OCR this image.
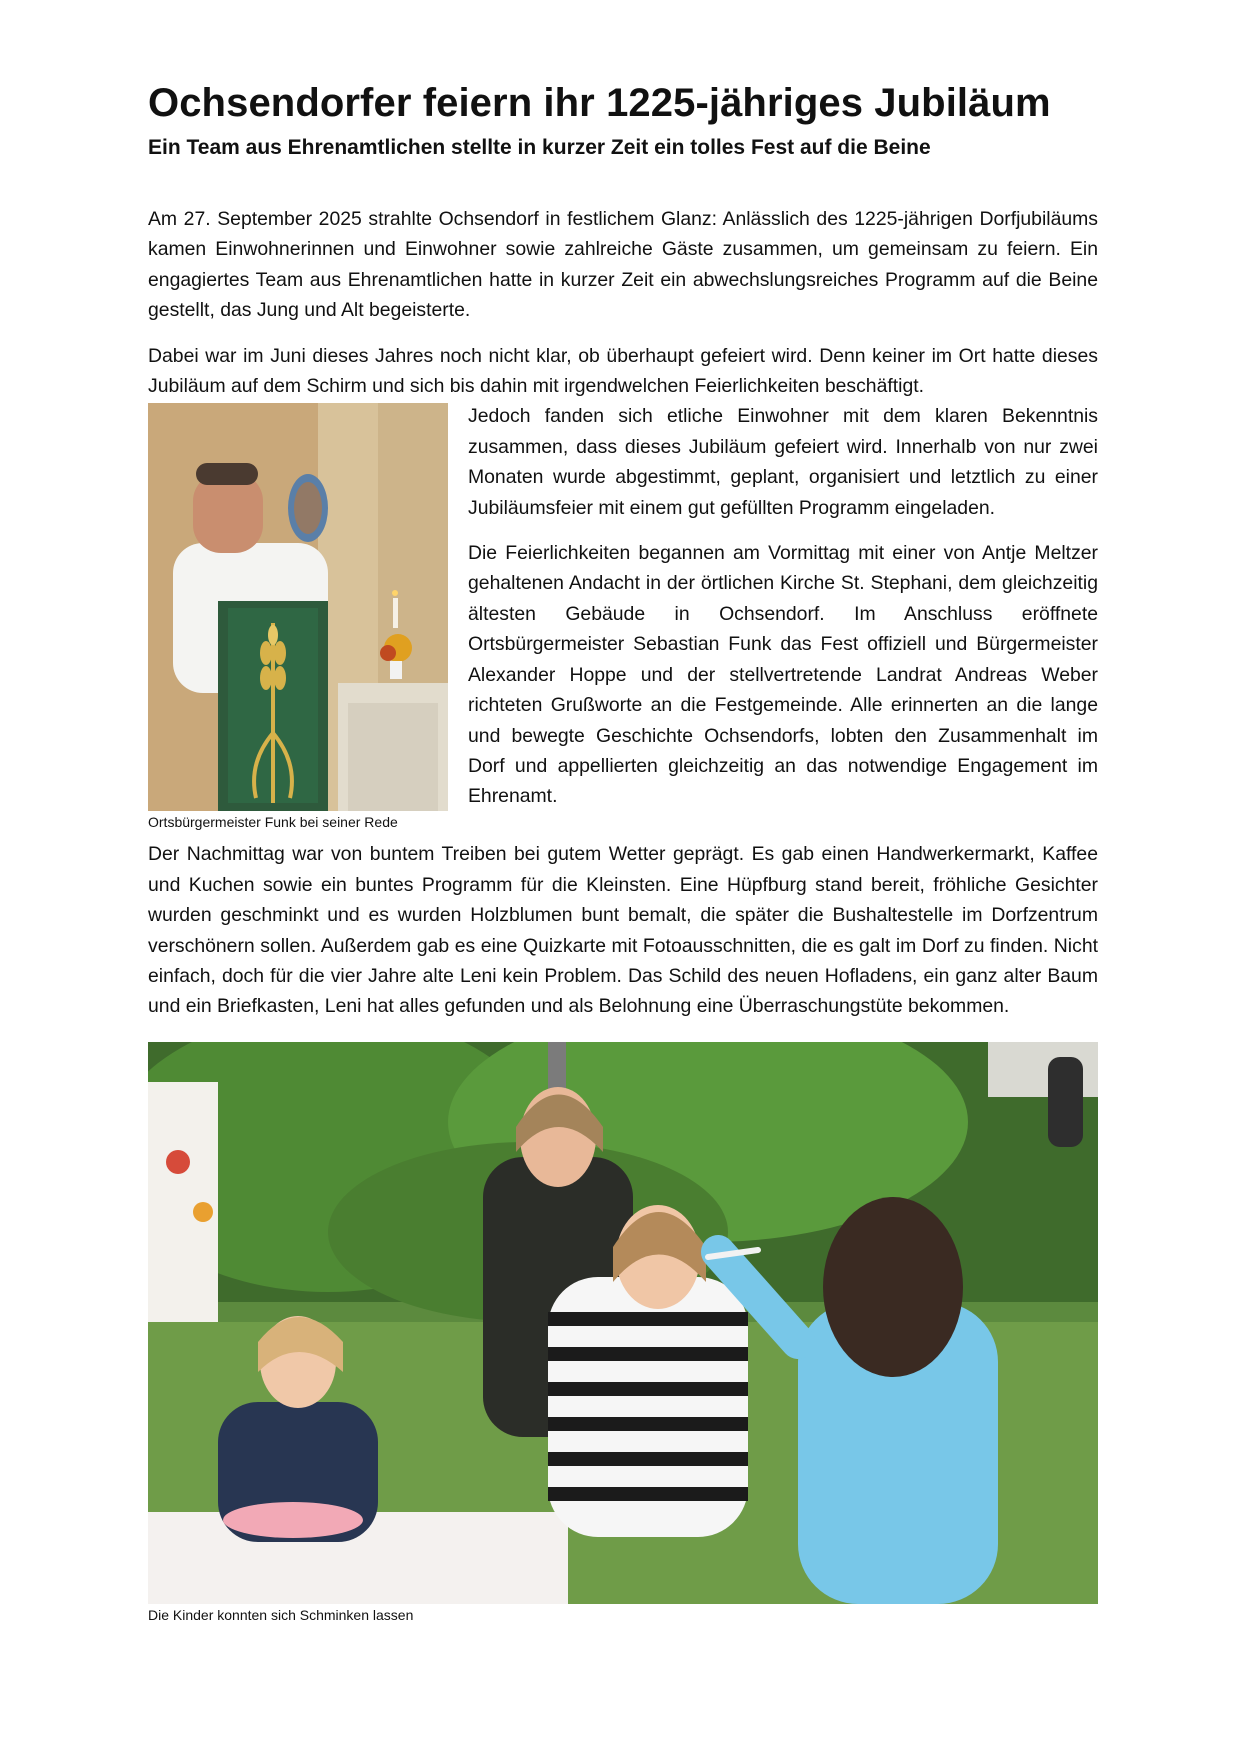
Ochsendorfer feiern ihr 1225-jähriges Jubiläum
Ein Team aus Ehrenamtlichen stellte in kurzer Zeit ein tolles Fest auf die Beine

Am 27. September 2025 strahlte Ochsendorf in festlichem Glanz: Anlässlich des 1225-jährigen Dorfjubiläums kamen Einwohnerinnen und Einwohner sowie zahlreiche Gäste zusammen, um gemeinsam zu feiern. Ein engagiertes Team aus Ehrenamtlichen hatte in kurzer Zeit ein abwechslungsreiches Programm auf die Beine gestellt, das Jung und Alt begeisterte.

Dabei war im Juni dieses Jahres noch nicht klar, ob überhaupt gefeiert wird. Denn keiner im Ort hatte dieses Jubiläum auf dem Schirm und sich bis dahin mit irgendwelchen Feierlichkeiten beschäftigt.

Ortsbürgermeister Funk bei seiner Rede

Jedoch fanden sich etliche Einwohner mit dem klaren Bekenntnis zusammen, dass dieses Jubiläum gefeiert wird. Innerhalb von nur zwei Monaten wurde abgestimmt, geplant, organisiert und letztlich zu einer Jubiläumsfeier mit einem gut gefüllten Programm eingeladen.

Die Feierlichkeiten begannen am Vormittag mit einer von Antje Meltzer gehaltenen Andacht in der örtlichen Kirche St. Stephani, dem gleichzeitig ältesten Gebäude in Ochsendorf. Im Anschluss eröffnete Ortsbürgermeister Sebastian Funk das Fest offiziell und Bürgermeister Alexander Hoppe und der stellvertretende Landrat Andreas Weber richteten Grußworte an die Festgemeinde. Alle erinnerten an die lange und bewegte Geschichte Ochsendorfs, lobten den Zusammenhalt im Dorf und appellierten gleichzeitig an das notwendige Engagement im Ehrenamt.

Der Nachmittag war von buntem Treiben bei gutem Wetter geprägt. Es gab einen Handwerkermarkt, Kaffee und Kuchen sowie ein buntes Programm für die Kleinsten. Eine Hüpfburg stand bereit, fröhliche Gesichter wurden geschminkt und es wurden Holzblumen bunt bemalt, die später die Bushaltestelle im Dorfzentrum verschönern sollen. Außerdem gab es eine Quizkarte mit Fotoausschnitten, die es galt im Dorf zu finden. Nicht einfach, doch für die vier Jahre alte Leni kein Problem. Das Schild des neuen Hofladens, ein ganz alter Baum und ein Briefkasten, Leni hat alles gefunden und als Belohnung eine Überraschungstüte bekommen.

Die Kinder konnten sich Schminken lassen
